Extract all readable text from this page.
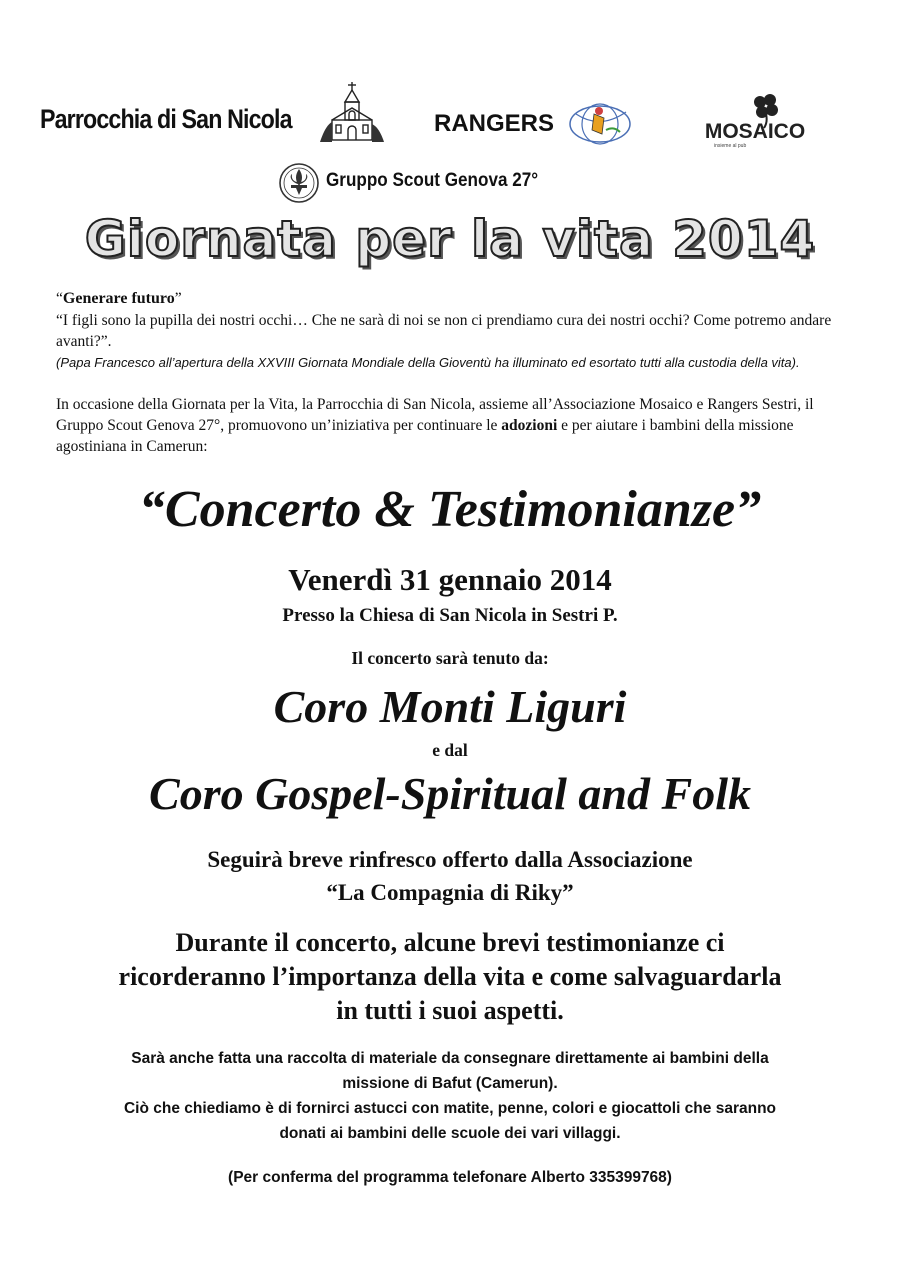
Parrocchia di San Nicola	RANGERS	MOSAICO
insieme al pub
Gruppo Scout Genova 27°
Giornata per la vita 2014
“Generare futuro”
“I figli sono la pupilla dei nostri occhi… Che ne sarà di noi se non ci prendiamo cura dei nostri occhi? Come potremo andare avanti?”.
(Papa Francesco all’apertura della XXVIII Giornata Mondiale della Gioventù ha illuminato ed esortato tutti alla custodia della vita).
In occasione della Giornata per la Vita, la Parrocchia di San Nicola, assieme all’Associazione Mosaico e Rangers Sestri, il Gruppo Scout Genova 27°, promuovono un’iniziativa per continuare le adozioni e per aiutare i bambini della missione agostiniana in Camerun:
“Concerto & Testimonianze”
Venerdì 31 gennaio 2014
Presso la Chiesa di San Nicola in Sestri P.
Il concerto sarà tenuto da:
Coro Monti Liguri
e dal
Coro Gospel-Spiritual and Folk
Seguirà breve rinfresco offerto dalla Associazione
“La Compagnia di Riky”
Durante il concerto, alcune brevi testimonianze ci
ricorderanno l’importanza della vita e come salvaguardarla
in tutti i suoi aspetti.
Sarà anche fatta una raccolta di materiale da consegnare direttamente ai bambini della
missione di Bafut (Camerun).
Ciò che chiediamo è di fornirci astucci con matite, penne, colori e giocattoli che saranno
donati ai bambini delle scuole dei vari villaggi.
(Per conferma del programma telefonare Alberto 335399768)
